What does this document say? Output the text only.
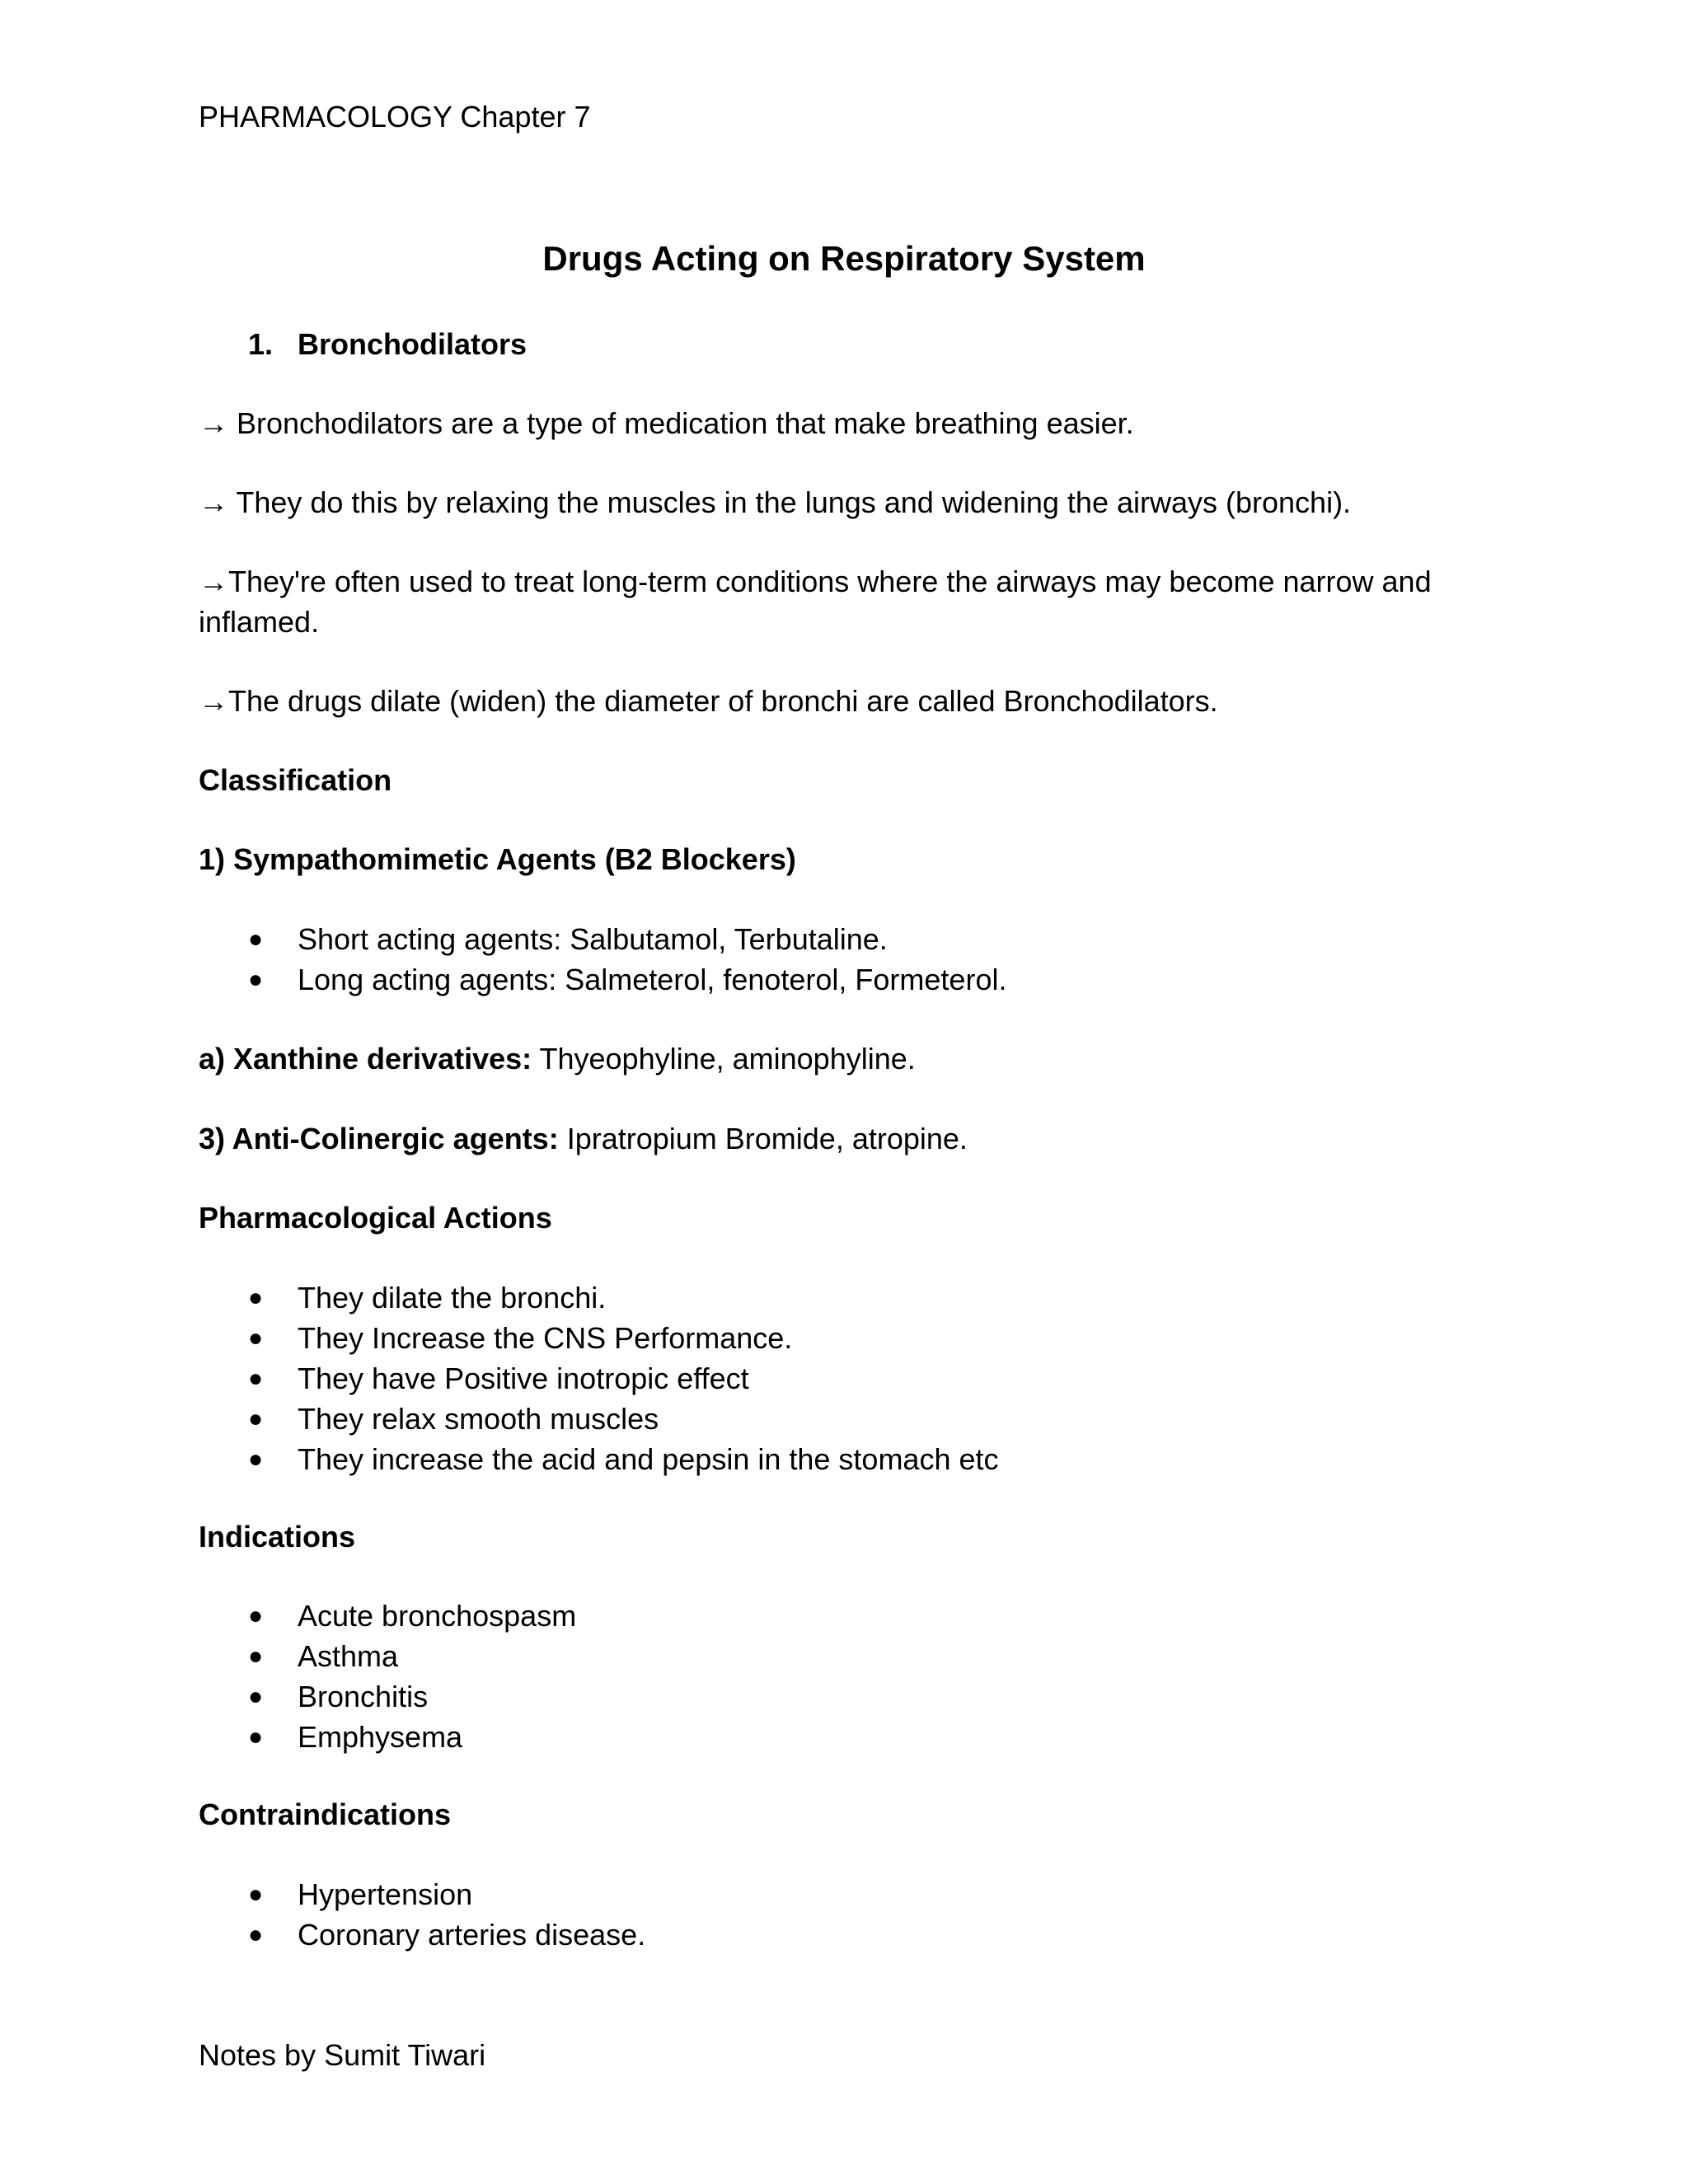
PHARMACOLOGY Chapter 7

Drugs Acting on Respiratory System

1. Bronchodilators

→ Bronchodilators are a type of medication that make breathing easier.

→ They do this by relaxing the muscles in the lungs and widening the airways (bronchi).

→They're often used to treat long-term conditions where the airways may become narrow and inflamed.

→The drugs dilate (widen) the diameter of bronchi are called Bronchodilators.

Classification

1) Sympathomimetic Agents (B2 Blockers)

●	Short acting agents: Salbutamol, Terbutaline.
●	Long acting agents: Salmeterol, fenoterol, Formeterol.

a) Xanthine derivatives: Thyeophyline, aminophyline.

3) Anti-Colinergic agents: Ipratropium Bromide, atropine.

Pharmacological Actions

●	They dilate the bronchi.
●	They Increase the CNS Performance.
●	They have Positive inotropic effect
●	They relax smooth muscles
●	They increase the acid and pepsin in the stomach etc

Indications

●	Acute bronchospasm
●	Asthma
●	Bronchitis
●	Emphysema

Contraindications

●	Hypertension
●	Coronary arteries disease.

Notes by Sumit Tiwari
